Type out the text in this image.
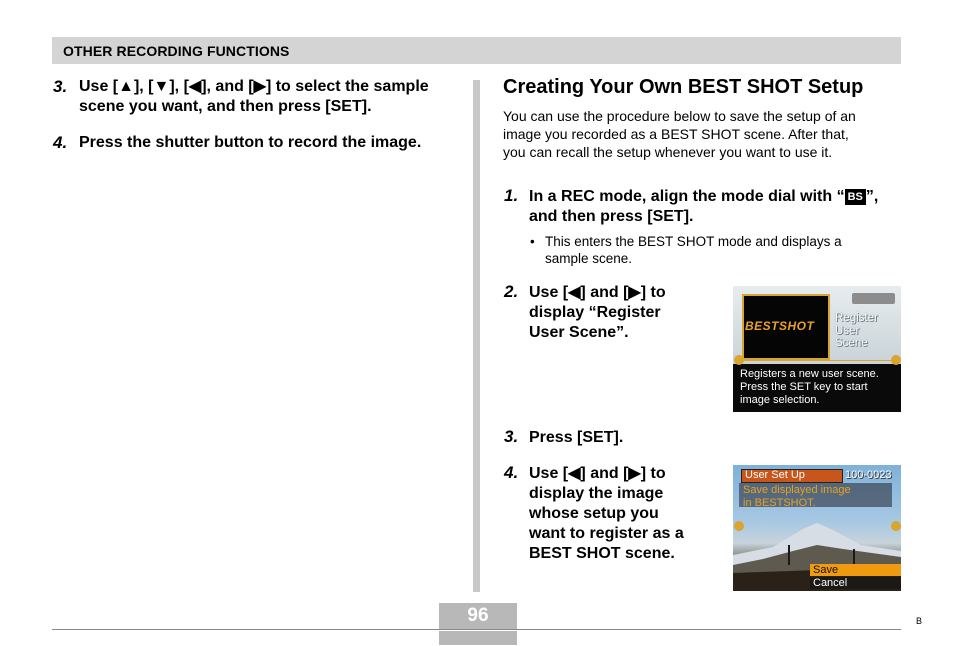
OTHER RECORDING FUNCTIONS
3. Use [▲], [▼], [◀], and [▶] to select the sample
scene you want, and then press [SET].
4. Press the shutter button to record the image.
Creating Your Own BEST SHOT Setup
You can use the procedure below to save the setup of an
image you recorded as a BEST SHOT scene. After that,
you can recall the setup whenever you want to use it.
1. In a REC mode, align the mode dial with “ BS ”,
and then press [SET].
• This enters the BEST SHOT mode and displays a
sample scene.
2. Use [◀] and [▶] to
display “Register
User Scene”.	BESTSHOT
Register
User
Scene
Registers a new user scene.
Press the SET key to start
image selection.
3. Press [SET].
4. Use [◀] and [▶] to
display the image
whose setup you
want to register as a
BEST SHOT scene.
User Set Up	100-0023
Save displayed image
in BESTSHOT.
Save
Cancel
96	B
